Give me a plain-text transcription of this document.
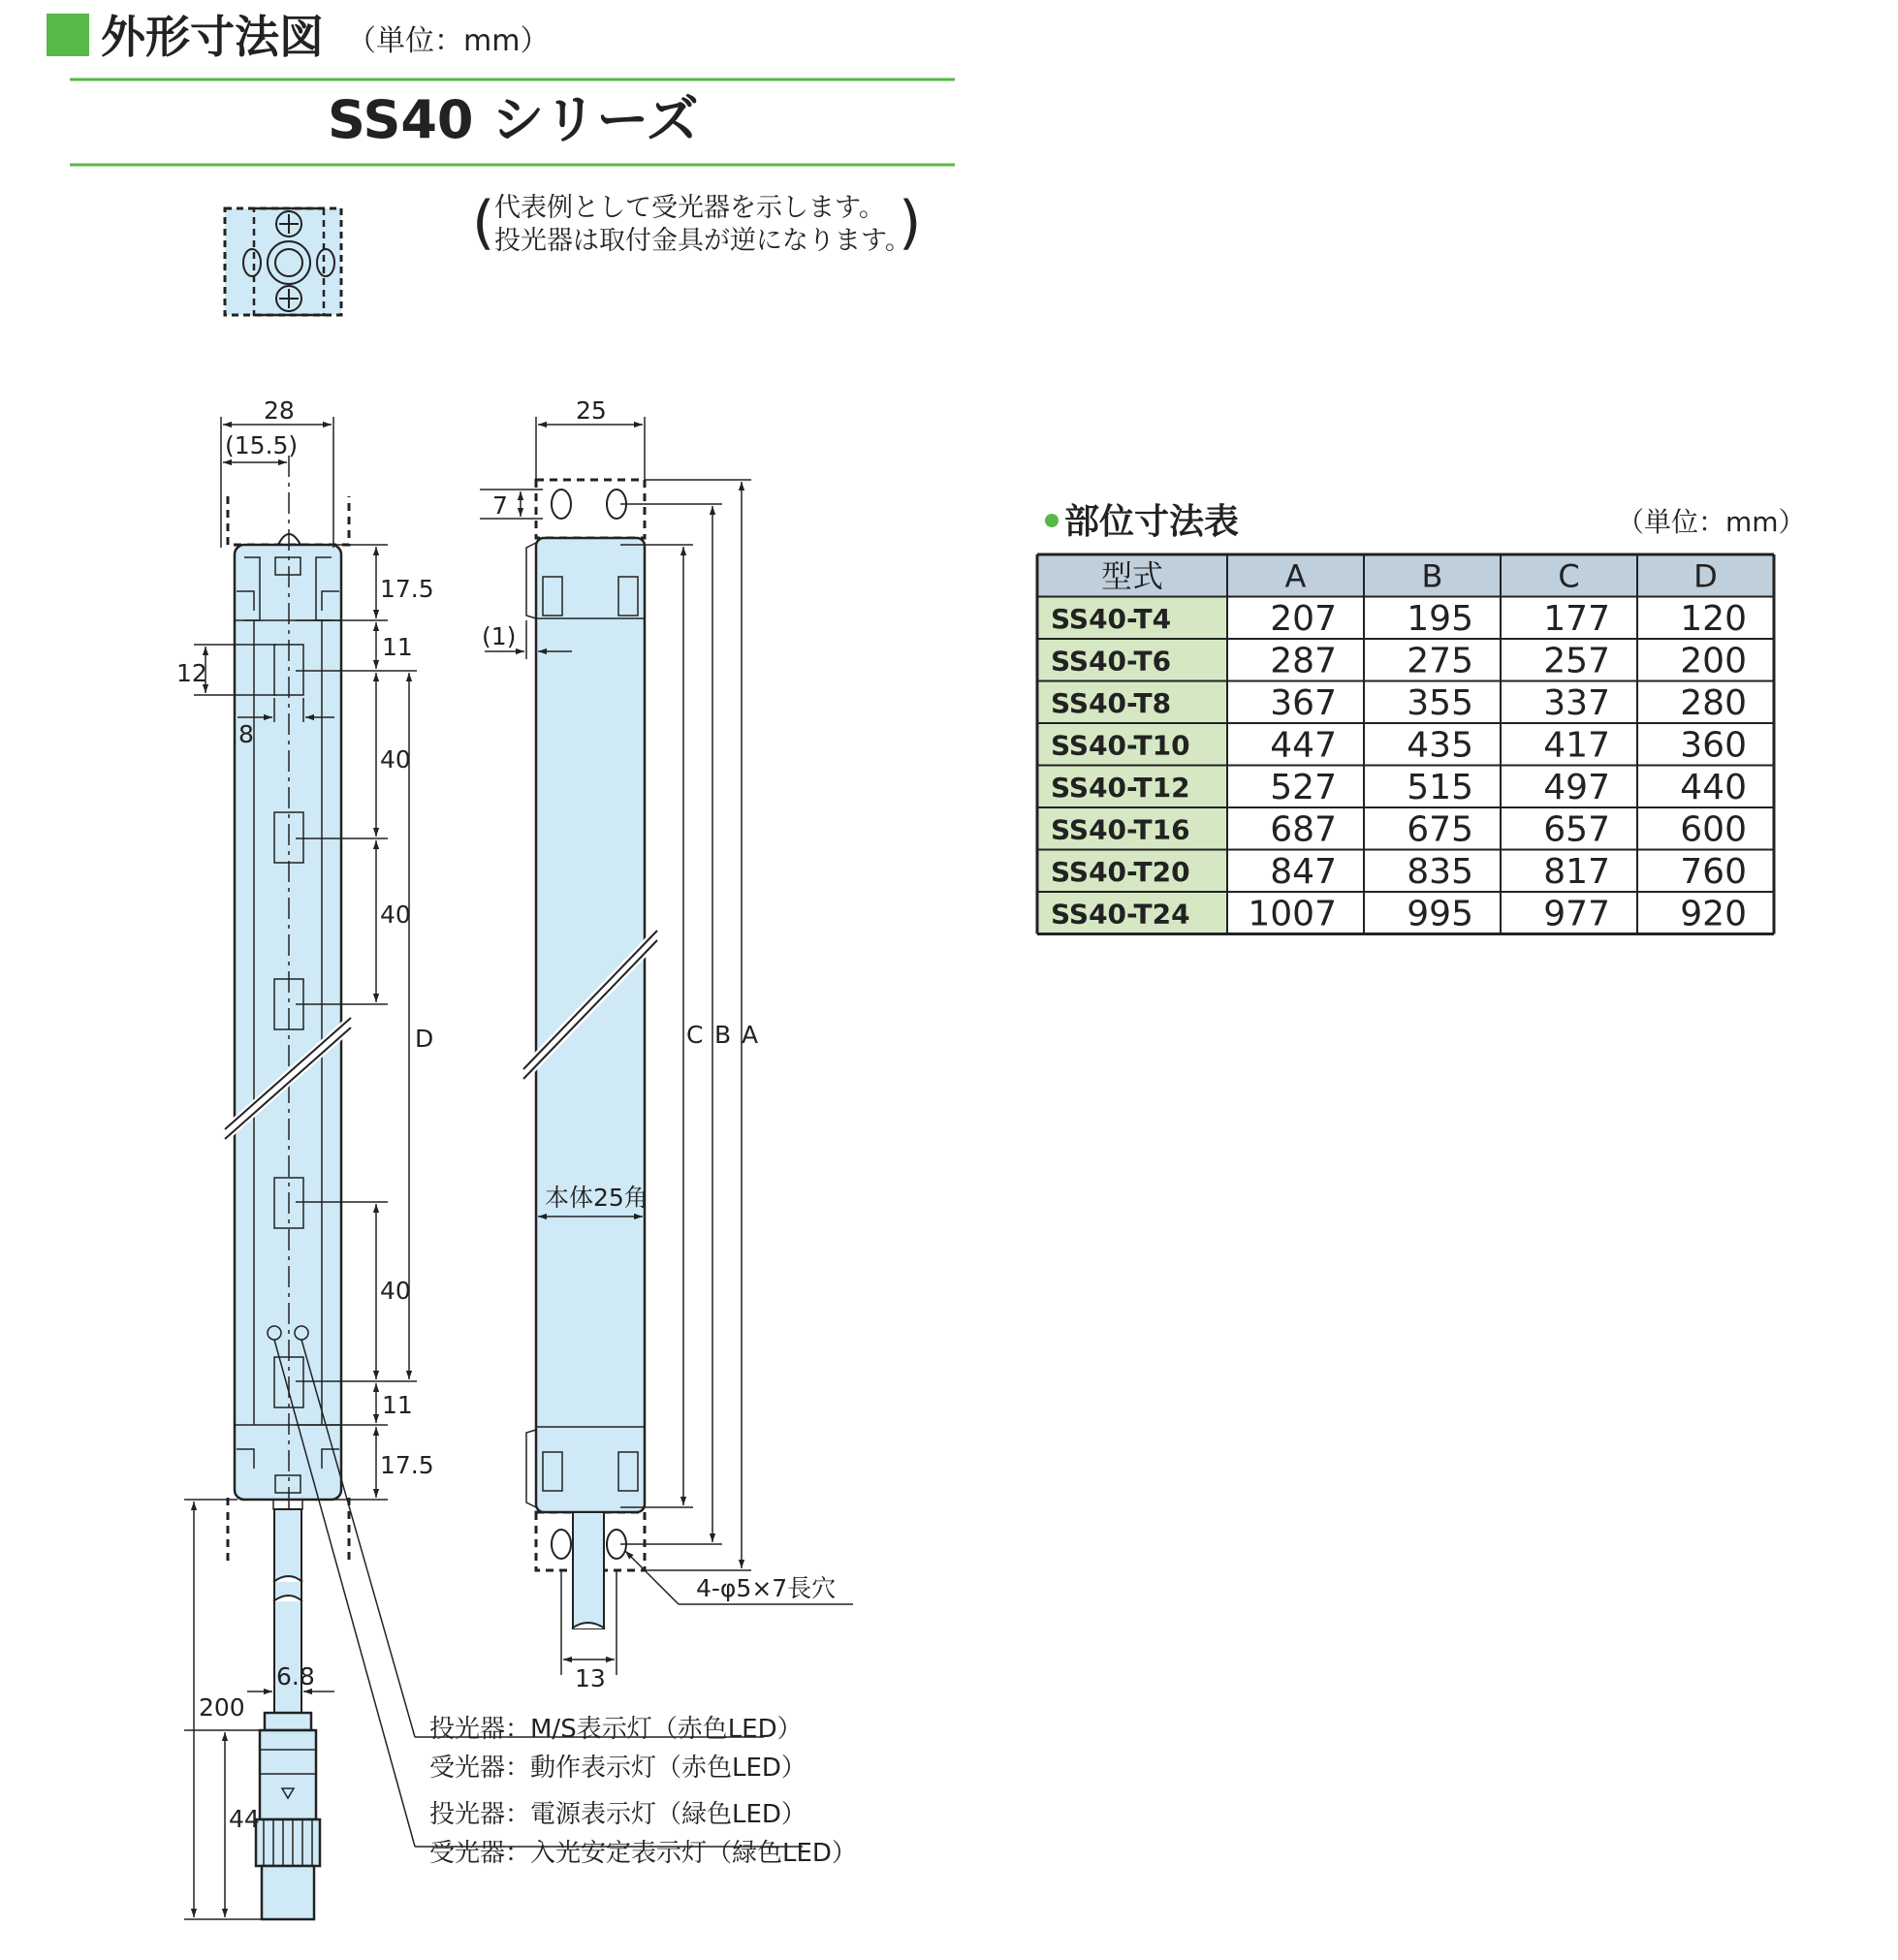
外形寸法図 （単位：mm）
SS40 シリーズ
( 代表例として受光器を示します。
投光器は取付金具が逆になります。
)
28
(15.5)
17.5
11
12
8
40
40
40
D
11
17.5
200
44
6.8
25
7
(1)
C B A
本体25角
4-φ5×7長穴
13
投光器：M/S表示灯（赤色LED）
受光器：動作表示灯（赤色LED）
投光器：電源表示灯（緑色LED）
受光器：入光安定表示灯（緑色LED）
部位寸法表	（単位：mm）
型式	A	B	C	D
SS40-T4	207 195 177 120
SS40-T6	287 275 257 200
SS40-T8	367 355 337 280
SS40-T10 447 435 417 360
SS40-T12 527 515 497 440
SS40-T16 687 675 657 600
SS40-T20 847 835 817 760
SS40-T24 1007 995 977 920
